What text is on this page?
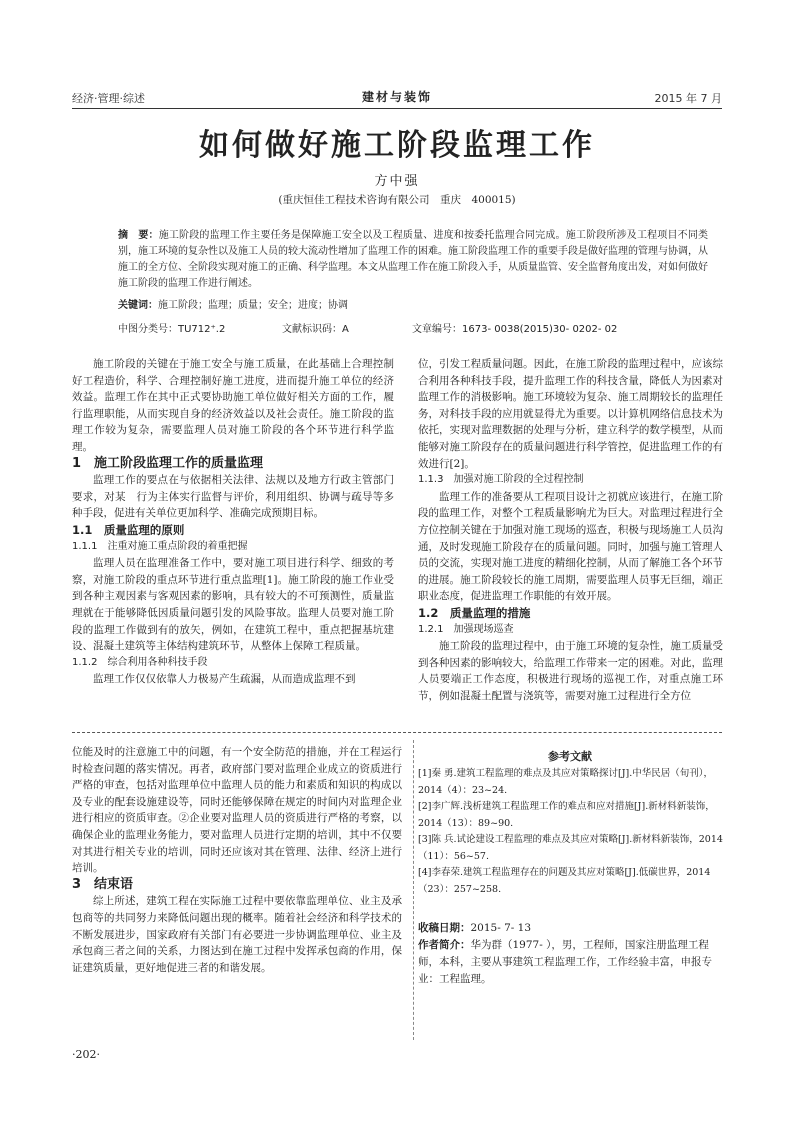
经济·管理·综述	建材与装饰	2015 年 7 月
如何做好施工阶段监理工作
方中强
(重庆恒佳工程技术咨询有限公司　重庆　400015)
摘　要：施工阶段的监理工作主要任务是保障施工安全以及工程质量、进度和按委托监理合同完成。施工阶段所涉及工程项目不同类别，施工环境的复杂性以及施工人员的较大流动性增加了监理工作的困难。施工阶段监理工作的重要手段是做好监理的管理与协调，从施工的全方位、全阶段实现对施工的正确、科学监理。本文从监理工作在施工阶段入手，从质量监管、安全监督角度出发，对如何做好施工阶段的监理工作进行阐述。
关键词：施工阶段；监理；质量；安全；进度；协调
中图分类号：TU712⁺.2	文献标识码：A	文章编号：1673- 0038(2015)30- 0202- 02

施工阶段的关键在于施工安全与施工质量，在此基础上合理控制好工程造价，科学、合理控制好施工进度，进而提升施工单位的经济效益。监理工作在其中正式要协助施工单位做好相关方面的工作，履行监理职能，从而实现自身的经济效益以及社会责任。施工阶段的监理工作较为复杂，需要监理人员对施工阶段的各个环节进行科学监理。

1　施工阶段监理工作的质量监理

监理工作的要点在与依据相关法律、法规以及地方行政主管部门要求，对某　行为主体实行监督与评价，利用组织、协调与疏导等多种手段，促进有关单位更加科学、准确完成预期目标。

1.1　质量监理的原则

1.1.1　注重对施工重点阶段的着重把握

监理人员在监理准备工作中，要对施工项目进行科学、细致的考察，对施工阶段的重点环节进行重点监理[1]。施工阶段的施工作业受到各种主观因素与客观因素的影响，具有较大的不可预测性，质量监理就在于能够降低因质量问题引发的风险事故。监理人员要对施工阶段的监理工作做到有的放矢，例如，在建筑工程中，重点把握基坑建设、混凝土建筑等主体结构建筑环节，从整体上保障工程质量。

1.1.2　综合利用各种科技手段

监理工作仅仅依靠人力极易产生疏漏，从而造成监理不到

位，引发工程质量问题。因此，在施工阶段的监理过程中，应该综合利用各种科技手段，提升监理工作的科技含量，降低人为因素对监理工作的消极影响。施工环境较为复杂、施工周期较长的监理任务，对科技手段的应用就显得尤为重要。以计算机网络信息技术为依托，实现对监理数据的处理与分析，建立科学的数学模型，从而能够对施工阶段存在的质量问题进行科学管控，促进监理工作的有效进行[2]。

1.1.3　加强对施工阶段的全过程控制

监理工作的准备要从工程项目设计之初就应该进行，在施工阶段的监理工作，对整个工程质量影响尤为巨大。对监理过程进行全方位控制关键在于加强对施工现场的巡查，积极与现场施工人员沟通，及时发现施工阶段存在的质量问题。同时，加强与施工管理人员的交流，实现对施工进度的精细化控制，从而了解施工各个环节的进展。施工阶段较长的施工周期，需要监理人员事无巨细，端正职业态度，促进监理工作职能的有效开展。

1.2　质量监理的措施

1.2.1　加强现场巡查

施工阶段的监理过程中，由于施工环境的复杂性，施工质量受到各种因素的影响较大，给监理工作带来一定的困难。对此，监理人员要端正工作态度，积极进行现场的巡视工作，对重点施工环节，例如混凝土配置与浇筑等，需要对施工过程进行全方位

位能及时的注意施工中的问题，有一个安全防范的措施，并在工程运行时检查问题的落实情况。再者，政府部门要对监理企业成立的资质进行严格的审查，包括对监理单位中监理人员的能力和素质和知识的构成以及专业的配套设施建设等，同时还能够保障在规定的时间内对监理企业进行相应的资质审查。②企业要对监理人员的资质进行严格的考察，以确保企业的监理业务能力，要对监理人员进行定期的培训，其中不仅要对其进行相关专业的培训，同时还应该对其在管理、法律、经济上进行培训。

3　结束语

综上所述，建筑工程在实际施工过程中要依靠监理单位、业主及承包商等的共同努力来降低问题出现的概率。随着社会经济和科学技术的不断发展进步，国家政府有关部门有必要进一步协调监理单位、业主及承包商三者之间的关系，力图达到在施工过程中发挥承包商的作用，保证建筑质量，更好地促进三者的和谐发展。

参考文献
[1]秦 勇.建筑工程监理的难点及其应对策略探讨[J].中华民居（旬刊），2014（4）：23~24.
[2]李广辉.浅析建筑工程监理工作的难点和应对措施[J].新材料新装饰，2014（13）：89~90.
[3]陈 兵.试论建设工程监理的难点及其应对策略[J].新材料新装饰，2014（11）：56~57.
[4]李春荣.建筑工程监理存在的问题及其应对策略[J].低碳世界，2014（23）：257~258.
收稿日期：2015- 7- 13
作者简介：华为群（1977- ），男，工程师，国家注册监理工程师，本科，主要从事建筑工程监理工作，工作经验丰富，申报专业：工程监理。
·202·
